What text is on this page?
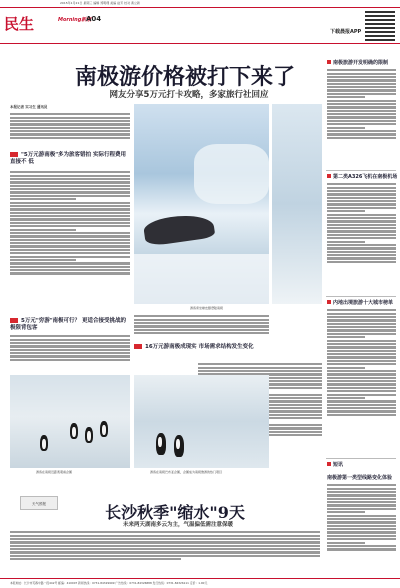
2015年1月21日 星期三 编辑 郑明理 美编 赵芳 校对 黄立新
民生	Morning新报
A04
下载晨报APP
南极游价格被打下来了
网友分享5万元打卡攻略，多家旅行社回应
本报记者 实习生 通讯员
"5万元游南极"多为旅客错拍 实际行程费用直接不 低
5万元"穷游"南极可行？ 更适合接受挑战的极限背包客
游客乘坐橡皮艇登陆南极
16万元游南极成现实 市场需求结构发生变化
游客在南极近距离观看企鹅	游客在南极巴布亚企鹅，企鹅成为南极旅游的热门项目
南极旅游开发明确的限制
第二类A326飞机在南极机场
内地出境旅游十大城市榜单
短讯
南极游第一类型线路变化体验
天气预报	长沙秋季"缩水"9天
未来两天湖南多云为主，气温偏低需注意保暖
本报地址：长沙市芙蓉中路一段442号 邮编：410007 新闻热线：0731-84329999 广告热线：0731-84326888 发行热线：0731-84326111 定价：1.00元
